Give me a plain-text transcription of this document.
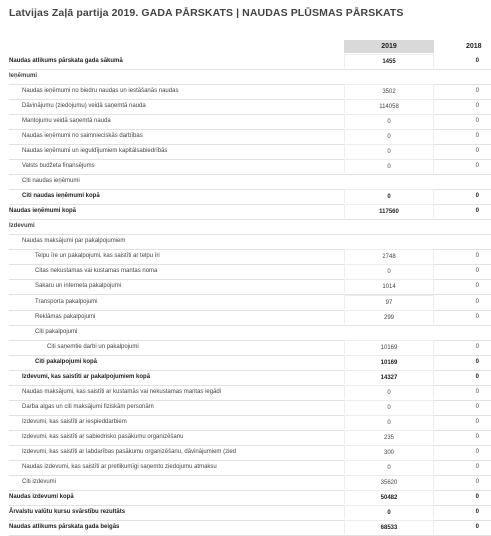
Latvijas Zaļā partija 2019. GADA PĀRSKATS | NAUDAS PLŪSMAS PĀRSKATS
2019	2018
Naudas atlikums pārskata gada sākumā	1455	0
Ieņēmumi
Naudas ieņēmumi no biedru naudas un iestāšanās naudas	3502	0
Dāvinājumu (ziedojumu) veidā saņemtā nauda	114058	0
Mantojumu veidā saņemtā nauda	0	0
Naudas ieņēmumi no saimnieciskās darbības	0	0
Naudas ieņēmumi un ieguldījumiem kapitālsabiedrībās	0	0
Valsts budžeta finansējums	0	0
Citi naudas ieņēmumi
Citi naudas ieņēmumi kopā	0	0
Naudas ieņēmumi kopā	117560	0
Izdevumi
Naudas maksājumi par pakalpojumiem
Telpu īre un pakalpojumi, kas saistīti ar telpu īri	2748	0
Citas nekustamas vai kustamas mantas noma	0	0
Sakaru un interneta pakalpojumi	1014	0
Transporta pakalpojumi	97	0
Reklāmas pakalpojumi	299	0
Citi pakalpojumi
Citi saņemtie darbi un pakalpojumi	10169	0
Citi pakalpojumi kopā	10169	0
Izdevumi, kas saistīti ar pakalpojumiem kopā	14327	0
Naudas maksājumi, kas saistīti ar kustamās vai nekustamas mantas iegādi	0	0
Darba algas un citi maksājumi fiziskām personām	0	0
Izdevumi, kas saistīti ar iespieddarbiem	0	0
Izdevumi, kas saistīti ar sabiedrisko pasākumu organizēšanu	235	0
Izdevumi, kas saistīti ar labdarības pasākumu organizēšanu, dāvinājumiem (zied	300	0
Naudas izdevumi, kas saistīti ar pretlikumīgi saņemto ziedojumu atmaksu	0	0
Citi izdevumi	35620	0
Naudas izdevumi kopā	50482	0
Ārvalstu valūtu kursu svārstību rezultāts	0	0
Naudas atlikums pārskata gada beigās	68533	0
